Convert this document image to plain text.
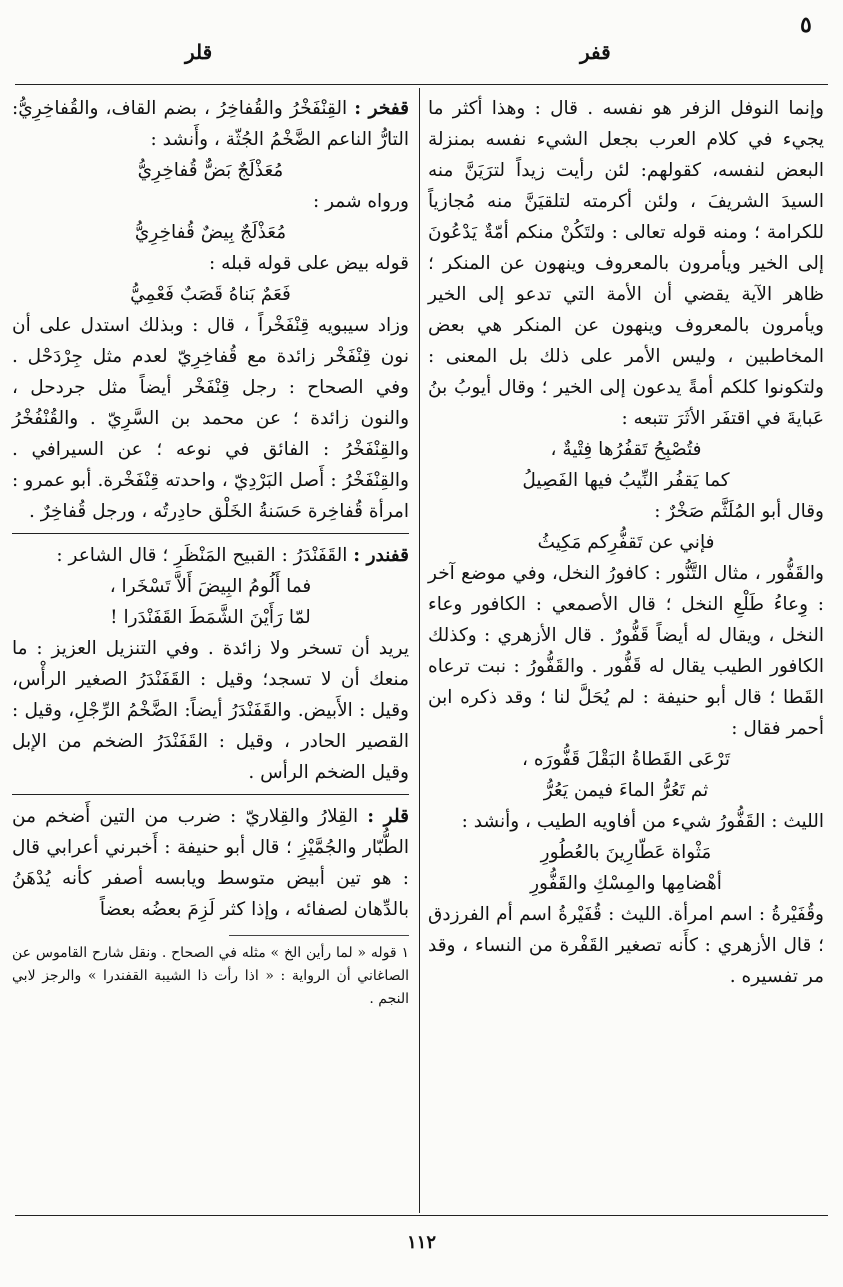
٥
قفر
قلر

وإنما النوفل الزفر هو نفسه . قال : وهذا أكثر ما يجيء في كلام العرب بجعل الشيء نفسه بمنزلة البعض لنفسه، كقولهم: لئن رأيت زيداً لترَيَنَّ منه السيدَ الشريفَ ، ولئن أكرمته لتلقيَنَّ منه مُجازياً للكرامة ؛ ومنه قوله تعالى : ولتَكُنْ منكم أمّةٌ يَدْعُونَ إلى الخير ويأمرون بالمعروف وينهون عن المنكر ؛ ظاهر الآية يقضي أن الأمة التي تدعو إلى الخير ويأمرون بالمعروف وينهون عن المنكر هي بعض المخاطبين ، وليس الأمر على ذلك بل المعنى : ولتكونوا كلكم أمةً يدعون إلى الخير ؛ وقال أيوبُ بنُ عَبايةَ في اقتفَر الأثَرَ تتبعه :

فتُصْبِحُ تَقفُرُها فِتْيةٌ ،

كما يَقفُر النِّيبُ فيها الفَصِيلُ

وقال أبو المُلَثَّم صَخْرٌ :

فإني عن تَقفُّرِكم مَكِيثُ

والقَفُّور ، مثال التَّنُّور : كافورُ النخل، وفي موضع آخر : وِعاءُ طَلْعِ النخل ؛ قال الأصمعي : الكافور وعاء النخل ، ويقال له أيضاً قَفُّورٌ . قال الأزهري : وكذلك الكافور الطيب يقال له قَفُّور . والقَفُّورُ : نبت ترعاه القَطا ؛ قال أبو حنيفة : لم يُحَلَّ لنا ؛ وقد ذكره ابن أحمر فقال :

تَرْعَى القَطاةُ البَقْلَ قَفُّورَه ،

ثم تَعُرُّ الماءَ فيمن يَعُرُّ

الليث : القَفُّورُ شيء من أفاويه الطيب ، وأنشد :

مَثْواة عَطّارِينَ بالعُطُورِ

أهْضامِها والمِسْكِ والقَفُّورِ

وقُفَيْرةُ : اسم امرأة. الليث : قُفَيْرةُ اسم أم الفرزدق ؛ قال الأزهري : كأَنه تصغير القَفْرة من النساء ، وقد مر تفسيره .

قفخر : القِنْفَخْرُ والقُفاخِرُ ، بضم القاف، والقُفاخِرِيُّ: التارُّ الناعم الضَّخْمُ الجُثّة ، وأَنشد :

مُعَذْلَجٌ بَضٌّ قُفاخِرِيُّ

ورواه شمر :

مُعَذْلَجٌ بِيضٌ قُفاخِرِيُّ

قوله بيض على قوله قبله :

فَعَمٌ بَناهُ قَصَبٌ فَعْمِيُّ

وزاد سيبويه قِنْفَخْراً ، قال : وبذلك استدل على أن نون قِنْفَخْر زائدة مع قُفاخِرِيّ لعدم مثل جِرْدَحْل . وفي الصحاح : رجل قِنْفَخْر أيضاً مثل جردحل ، والنون زائدة ؛ عن محمد بن السَّرِيّ . والقُنْفُخْرُ والقِنْفَخْرُ : الفائق في نوعه ؛ عن السيرافي . والقِنْفَخْرُ : أَصل البَرْدِيّ ، واحدته قِنْفَخْرة. أبو عمرو : امرأة قُفاخِرة حَسَنةُ الخَلْق حادِرتُه ، ورجل قُفاخِرٌ .

قفندر : القَفَنْدَرُ : القبيح المَنْظَرِ ؛ قال الشاعر :

فما أَلُومُ البِيضَ أَلاَّ تَسْخَرا ،

لمّا رَأَيْنَ الشَّمَطَ القَفَنْدَرا !

يريد أن تسخر ولا زائدة . وفي التنزيل العزيز : ما منعك أن لا تسجد؛ وقيل : القَفَنْدَرُ الصغير الرأْس، وقيل : الأَبيض. والقَفَنْدَرُ أيضاً: الضَّخْمُ الرِّجْلِ، وقيل : القصير الحادر ، وقيل : القَفَنْدَرُ الضخم من الإبل وقيل الضخم الرأس .

قلر : القِلارُ والقِلاريّ : ضرب من التين أَضخم من الطُّبّار والجُمَّيْزِ ؛ قال أبو حنيفة : أَخبرني أعرابي قال : هو تين أبيض متوسط ويابسه أصفر كأنه يُدْهَنُ بالدِّهان لصفائه ، وإذا كثر لَزِمَ بعضُه بعضاً

١ قوله « لما رأين الخ » مثله في الصحاح . ونقل شارح القاموس عن الصاغاني أن الرواية : « اذا رأت ذا الشيبة القفندرا » والرجز لابي النجم .

١١٢
